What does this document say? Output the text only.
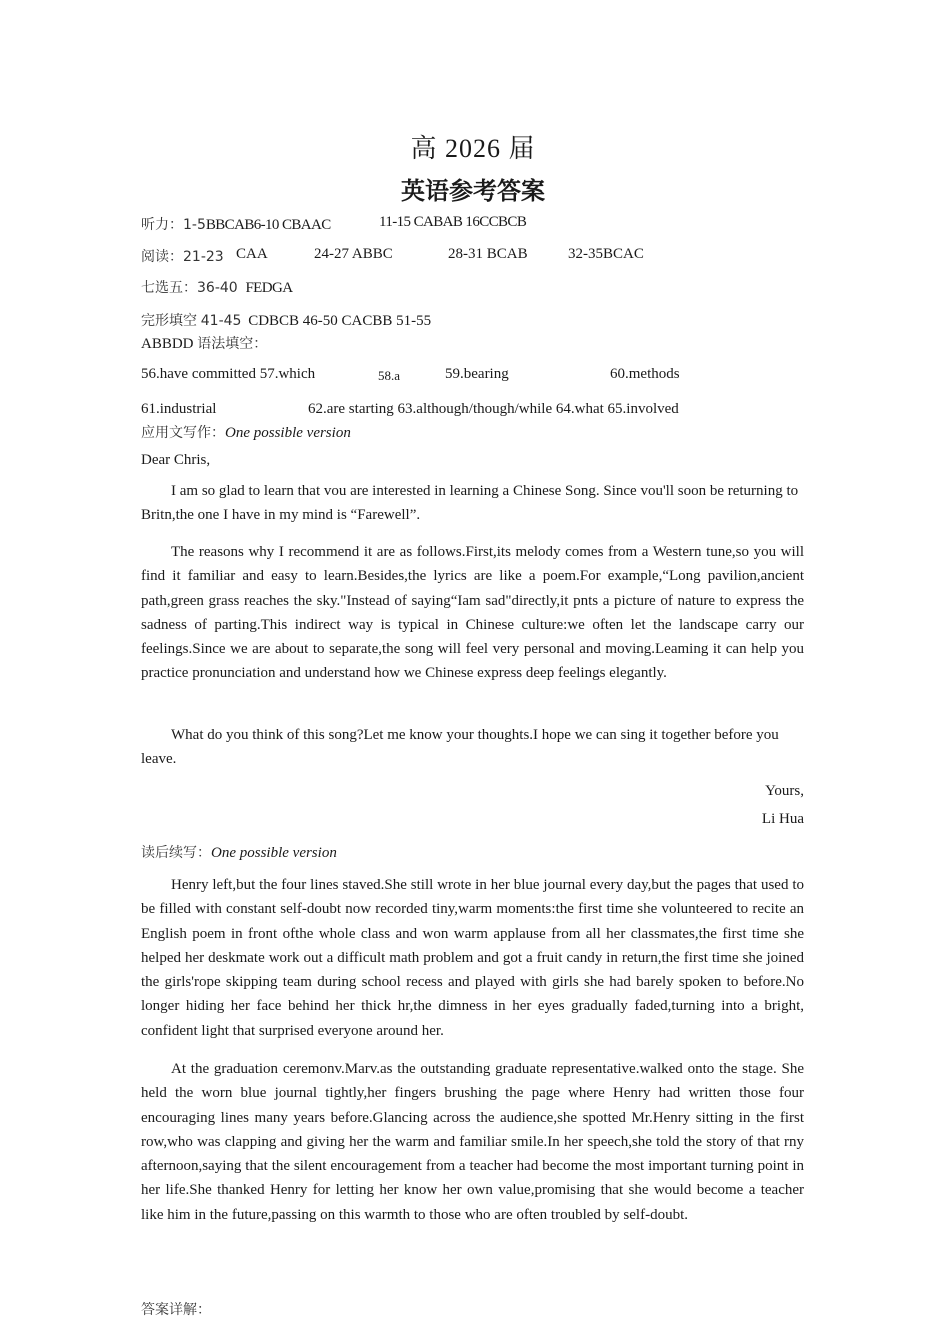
高 2026 届
英语参考答案
听力：1-5BBCAB6-10 CBAAC	11-15 CABAB 16CCBCB
阅读：21-23 CAA	24-27 ABBC	28-31 BCAB	32-35BCAC
七选五：36-40 FEDGA
完形填空 41-45 CDBCB 46-50 CACBB 51-55
ABBDD 语法填空：
56.have committed 57.which	58.a	59.bearing	60.methods
61.industrial	62.are starting 63.although/though/while 64.what 65.involved
应用文写作：One possible version
Dear Chris,
I am so glad to learn that vou are interested in learning a Chinese Song. Since vou'll soon be returning to Britn,the one I have in my mind is “Farewell”.
The reasons why I recommend it are as follows.First,its melody comes from a Western tune,so you will find it familiar and easy to learn.Besides,the lyrics are like a poem.For example,“Long pavilion,ancient path,green grass reaches the sky."Instead of saying“Iam sad"directly,it pnts a picture of nature to express the sadness of parting.This indirect way is typical in Chinese culture:we often let the landscape carry our feelings.Since we are about to separate,the song will feel very personal and moving.Leaming it can help you practice pronunciation and understand how we Chinese express deep feelings elegantly.
What do you think of this song?Let me know your thoughts.I hope we can sing it together before you leave.
Yours,
Li Hua
读后续写：One possible version
Henry left,but the four lines staved.She still wrote in her blue journal every day,but the pages that used to be filled with constant self-doubt now recorded tiny,warm moments:the first time she volunteered to recite an English poem in front ofthe whole class and won warm applause from all her classmates,the first time she helped her deskmate work out a difficult math problem and got a fruit candy in return,the first time she joined the girls'rope skipping team during school recess and played with girls she had barely spoken to before.No longer hiding her face behind her thick hr,the dimness in her eyes gradually faded,turning into a bright, confident light that surprised everyone around her.
At the graduation ceremonv.Marv.as the outstanding graduate representative.walked onto the stage. She held the worn blue journal tightly,her fingers brushing the page where Henry had written those four encouraging lines many years before.Glancing across the audience,she spotted Mr.Henry sitting in the first row,who was clapping and giving her the warm and familiar smile.In her speech,she told the story of that rny afternoon,saying that the silent encouragement from a teacher had become the most important turning point in her life.She thanked Henry for letting her know her own value,promising that she would become a teacher like him in the future,passing on this warmth to those who are often troubled by self-doubt.
答案详解：
